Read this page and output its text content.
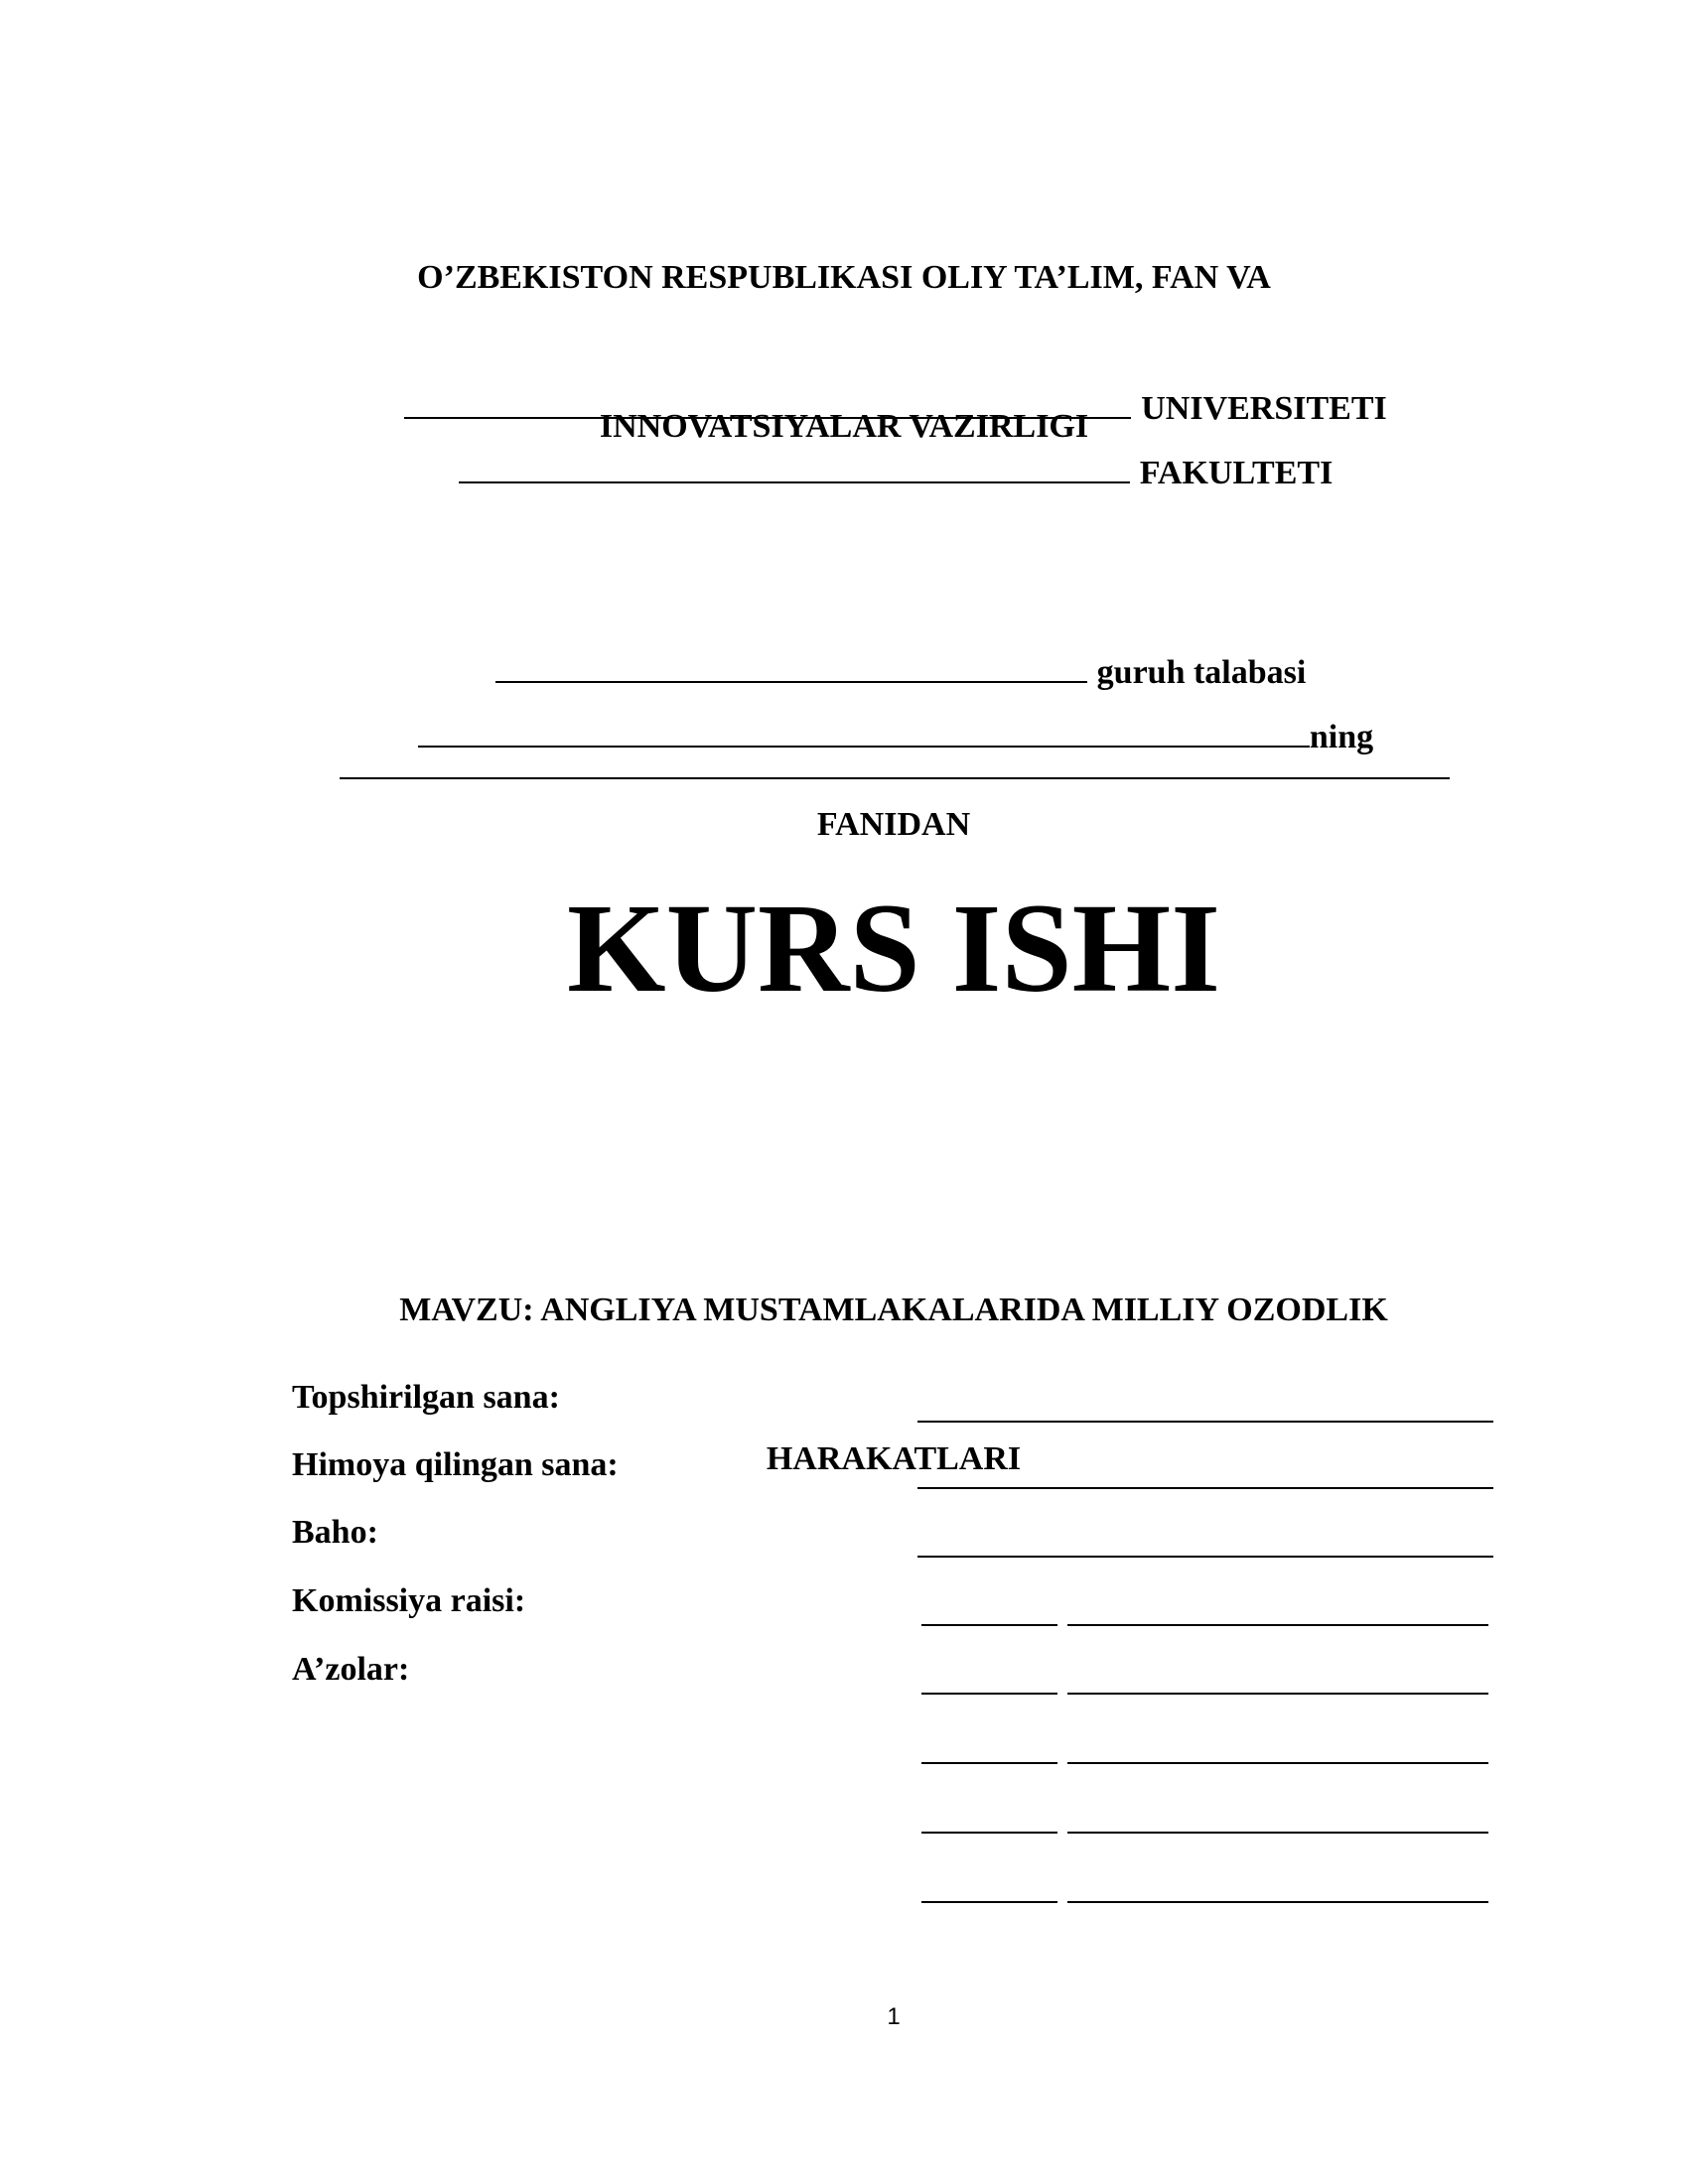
O’ZBEKISTON RESPUBLIKASI OLIY TA’LIM, FAN VA

INNOVATSIYALAR VAZIRLIGI

	UNIVERSITETI

FAKULTETI

guruh talabasi

ning

FANIDAN
KURS ISHI

MAVZU: ANGLIYA MUSTAMLAKALARIDA MILLIY OZODLIK

HARAKATLARI

Topshirilgan sana:
Himoya qilingan sana:
Baho:
Komissiya raisi:
A’zolar:
1
